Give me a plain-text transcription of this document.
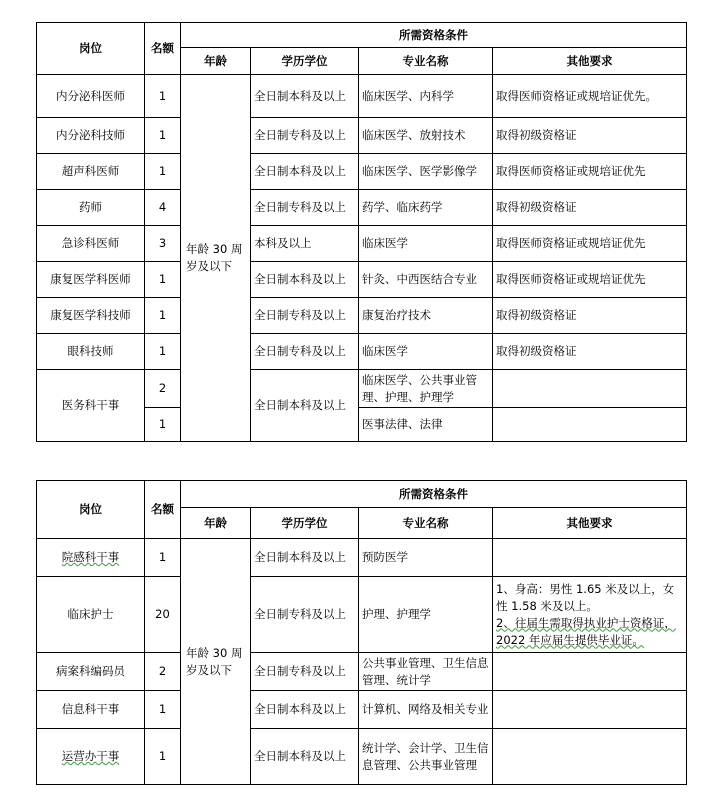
岗位	名额	所需资格条件			
		年龄	学历学位	专业名称	其他要求
内分泌科医师	1	年龄 30 周岁及以下	全日制本科及以上	临床医学、内科学	取得医师资格证或规培证优先。
内分泌科技师	1		全日制专科及以上	临床医学、放射技术	取得初级资格证
超声科医师	1		全日制本科及以上	临床医学、医学影像学	取得医师资格证或规培证优先
药师	4		全日制专科及以上	药学、临床药学	取得初级资格证
急诊科医师	3		本科及以上	临床医学	取得医师资格证或规培证优先
康复医学科医师	1		全日制本科及以上	针灸、中西医结合专业	取得医师资格证或规培证优先
康复医学科技师	1		全日制专科及以上	康复治疗技术	取得初级资格证
眼科技师	1		全日制专科及以上	临床医学	取得初级资格证
医务科干事	2		全日制本科及以上	临床医学、公共事业管理、护理、护理学	
	1			医事法律、法律	
岗位	名额	所需资格条件			
		年龄	学历学位	专业名称	其他要求
院感科干事	1	年龄 30 周岁及以下	全日制本科及以上	预防医学	
临床护士	20		全日制专科及以上	护理、护理学	1、身高：男性 1.65 米及以上，女性 1.58 米及以上。
2、往届生需取得执业护士资格证，2022 年应届生提供毕业证。

病案科编码员	2		全日制专科及以上	公共事业管理、卫生信息管理、统计学	
信息科干事	1		全日制本科及以上	计算机、网络及相关专业	
运营办干事	1		全日制本科及以上	统计学、会计学、卫生信息管理、公共事业管理	
